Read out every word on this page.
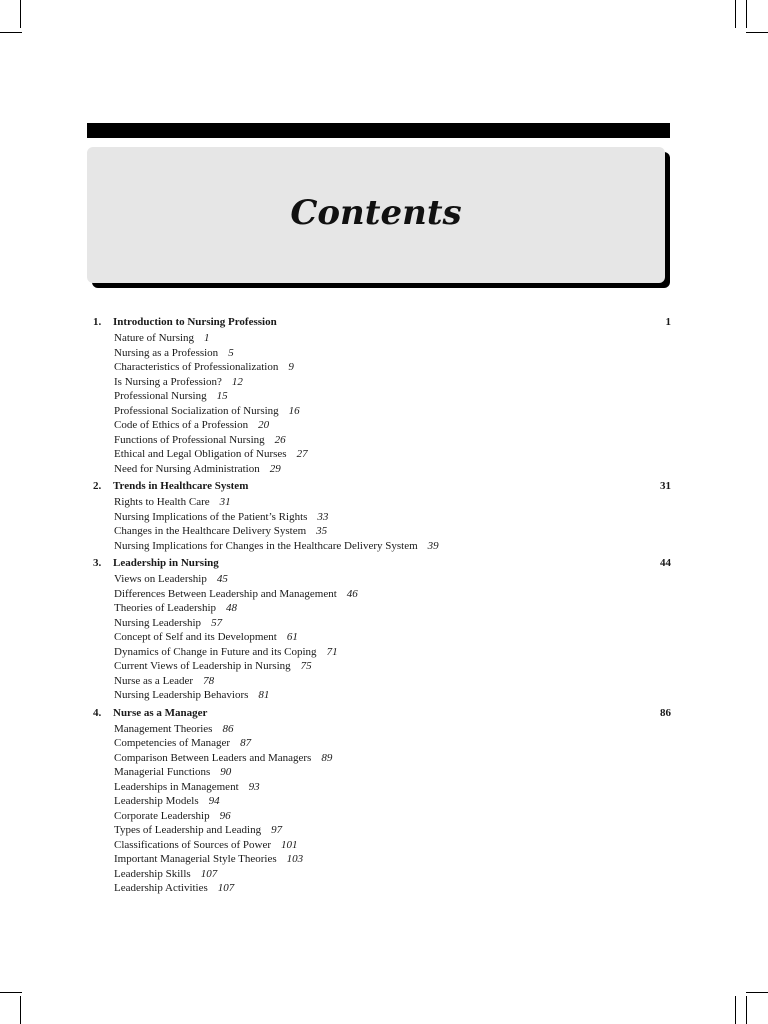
Contents
1.	Introduction to Nursing Profession	1
Nature of Nursing 1
Nursing as a Profession 5
Characteristics of Professionalization 9
Is Nursing a Profession? 12
Professional Nursing 15
Professional Socialization of Nursing 16
Code of Ethics of a Profession 20
Functions of Professional Nursing 26
Ethical and Legal Obligation of Nurses 27
Need for Nursing Administration 29
2.	Trends in Healthcare System	31
Rights to Health Care 31
Nursing Implications of the Patient’s Rights 33
Changes in the Healthcare Delivery System 35
Nursing Implications for Changes in the Healthcare Delivery System 39
3.	Leadership in Nursing	44
Views on Leadership 45
Differences Between Leadership and Management 46
Theories of Leadership 48
Nursing Leadership 57
Concept of Self and its Development 61
Dynamics of Change in Future and its Coping 71
Current Views of Leadership in Nursing 75
Nurse as a Leader 78
Nursing Leadership Behaviors 81
4.	Nurse as a Manager	86
Management Theories 86
Competencies of Manager 87
Comparison Between Leaders and Managers 89
Managerial Functions 90
Leaderships in Management 93
Leadership Models 94
Corporate Leadership 96
Types of Leadership and Leading 97
Classifications of Sources of Power 101
Important Managerial Style Theories 103
Leadership Skills 107
Leadership Activities 107
